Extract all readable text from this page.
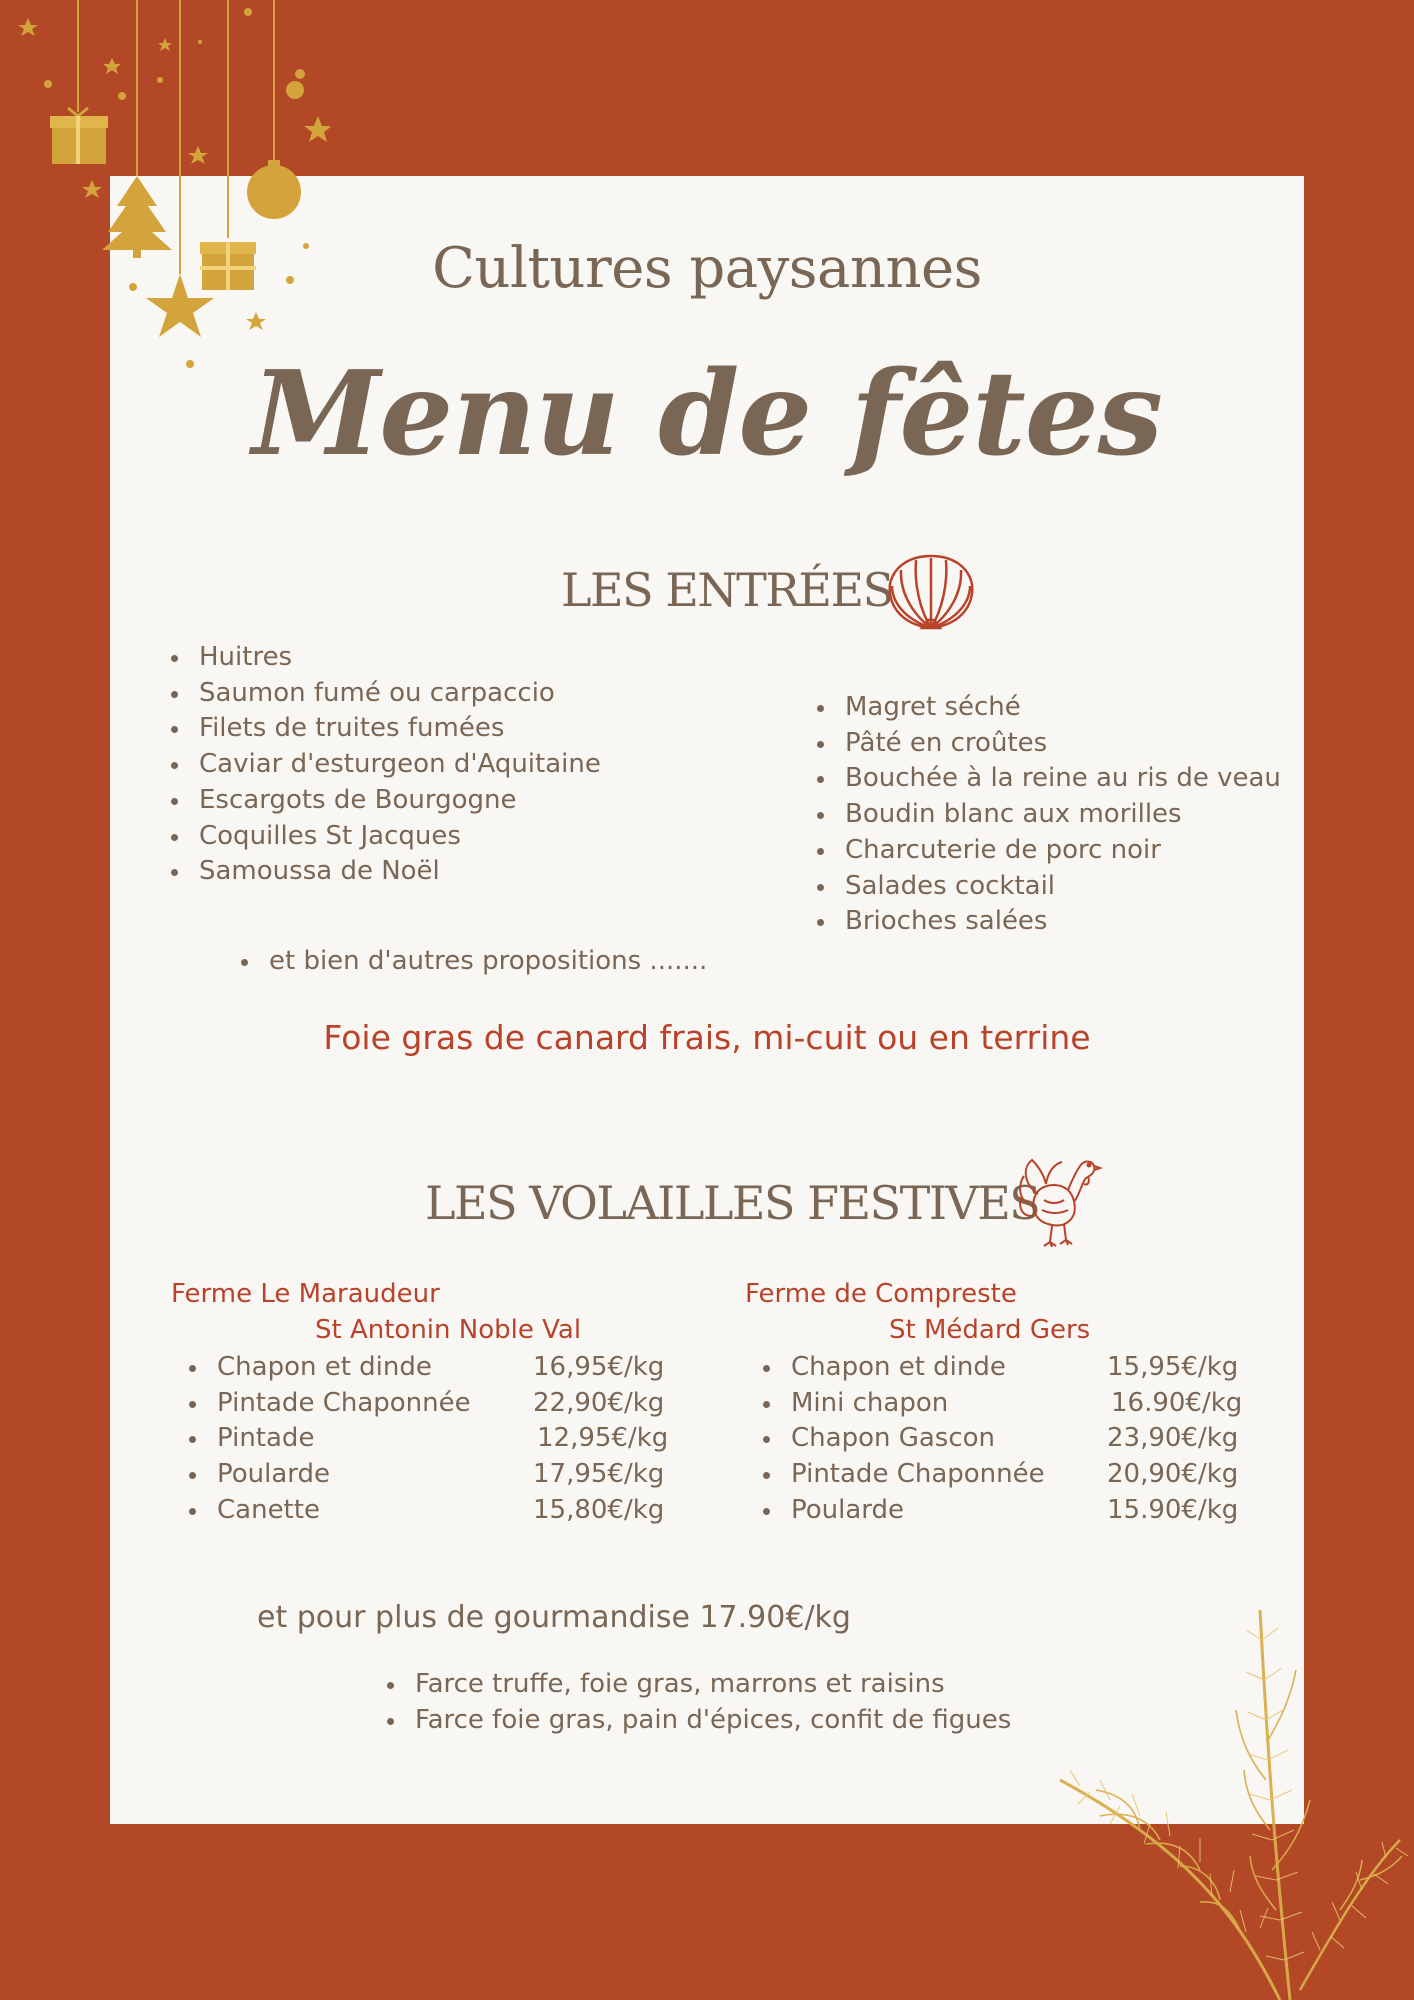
Cultures paysannes
Menu de fêtes
LES ENTRÉES
Huitres
Saumon fumé ou carpaccio
Filets de truites fumées
Caviar d'esturgeon d'Aquitaine
Escargots de Bourgogne
Coquilles St Jacques
Samoussa de Noël
Magret séché
Pâté en croûtes
Bouchée à la reine au ris de veau
Boudin blanc aux morilles
Charcuterie de porc noir
Salades cocktail
Brioches salées
et bien d'autres propositions .......
Foie gras de canard frais, mi-cuit ou en terrine
LES VOLAILLES FESTIVES
Ferme Le Maraudeur
St Antonin Noble Val
Chapon et dinde	16,95€/kg
Pintade Chaponnée	22,90€/kg
Pintade	12,95€/kg
Poularde	17,95€/kg
Canette	15,80€/kg
Ferme de Compreste
St Médard Gers
Chapon et dinde	15,95€/kg
Mini chapon	16.90€/kg
Chapon Gascon	23,90€/kg
Pintade Chaponnée	20,90€/kg
Poularde	15.90€/kg
et pour plus de gourmandise 17.90€/kg
Farce truffe, foie gras, marrons et raisins
Farce foie gras, pain d'épices, confit de figues
